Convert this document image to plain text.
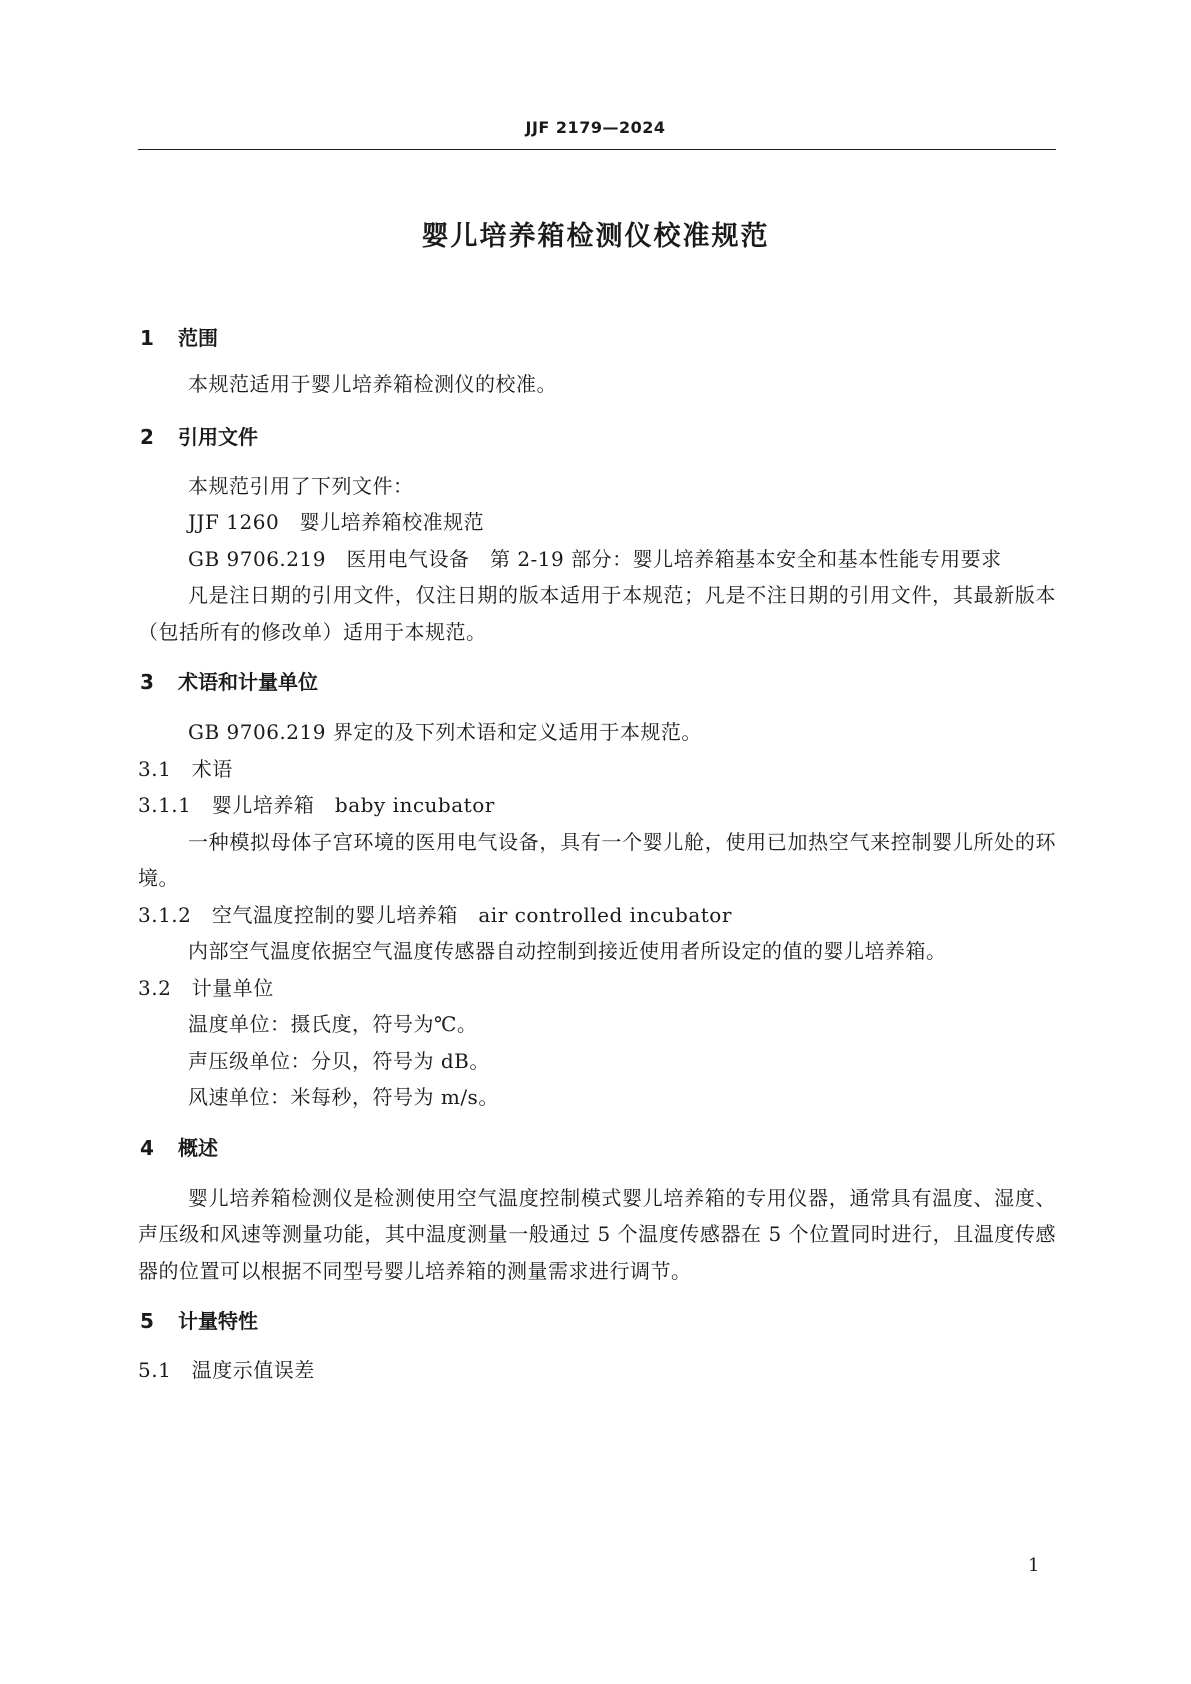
JJF 2179—2024
婴儿培养箱检测仪校准规范
1 范围

本规范适用于婴儿培养箱检测仪的校准。

2 引用文件

本规范引用了下列文件：

JJF 1260　婴儿培养箱校准规范

GB 9706.219　医用电气设备　第 2-19 部分：婴儿培养箱基本安全和基本性能专用要求

凡是注日期的引用文件，仅注日期的版本适用于本规范；凡是不注日期的引用文件，其最新版本（包括所有的修改单）适用于本规范。

3 术语和计量单位

GB 9706.219 界定的及下列术语和定义适用于本规范。

3.1　术语

3.1.1　婴儿培养箱　baby incubator

一种模拟母体子宫环境的医用电气设备，具有一个婴儿舱，使用已加热空气来控制婴儿所处的环境。

3.1.2　空气温度控制的婴儿培养箱　air controlled incubator

内部空气温度依据空气温度传感器自动控制到接近使用者所设定的值的婴儿培养箱。

3.2　计量单位

温度单位：摄氏度，符号为℃。

声压级单位：分贝，符号为 dB。

风速单位：米每秒，符号为 m/s。

4 概述

婴儿培养箱检测仪是检测使用空气温度控制模式婴儿培养箱的专用仪器，通常具有温度、湿度、声压级和风速等测量功能，其中温度测量一般通过 5 个温度传感器在 5 个位置同时进行，且温度传感器的位置可以根据不同型号婴儿培养箱的测量需求进行调节。

5 计量特性

5.1　温度示值误差

1
